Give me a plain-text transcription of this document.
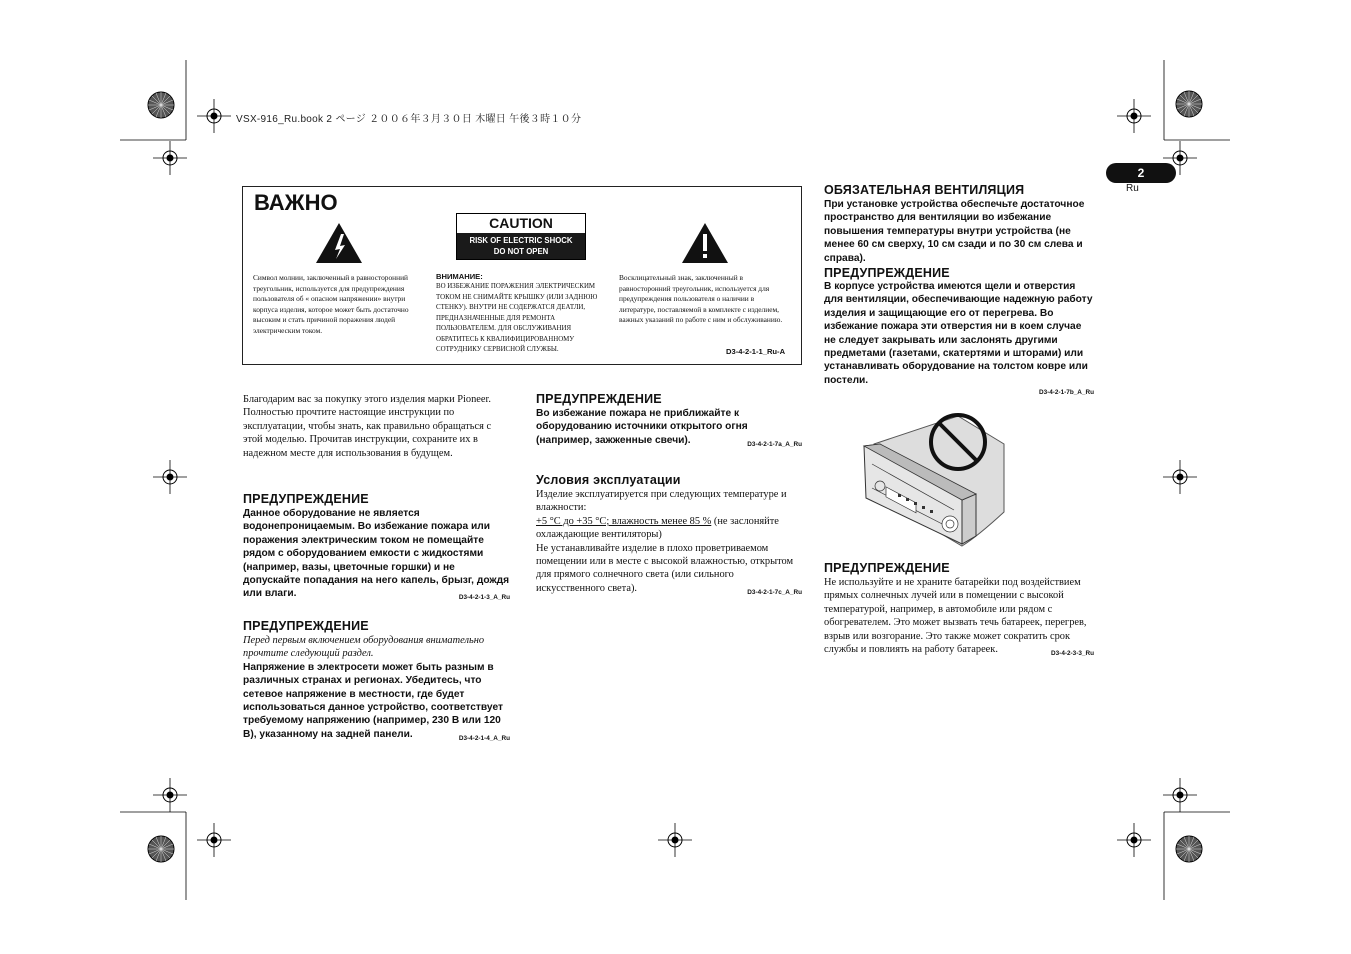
VSX-916_Ru.book 2 ページ ２００６年３月３０日 木曜日 午後３時１０分
2
Ru
ВАЖНО
CAUTION
RISK OF ELECTRIC SHOCK
DO NOT OPEN
Символ молнии, заключенный в равносторонний треугольник, используется для предупреждения пользователя об « опасном напряжении» внутри корпуса изделия, которое может быть достаточно высоким и стать причиной поражения людей электрическим током.
ВНИМАНИЕ:
ВО ИЗБЕЖАНИЕ ПОРАЖЕНИЯ ЭЛЕКТРИЧЕСКИМ ТОКОМ НЕ СНИМАЙТЕ КРЫШКУ (ИЛИ ЗАДНЮЮ СТЕНКУ). ВНУТРИ НЕ СОДЕРЖАТСЯ ДЕАТЛИ, ПРЕДНАЗНАЧЕННЫЕ ДЛЯ РЕМОНТА ПОЛЬЗОВАТЕЛЕМ. ДЛЯ ОБСЛУЖИВАНИЯ ОБРАТИТЕСЬ К КВАЛИФИЦИРОВАННОМУ СОТРУДНИКУ СЕРВИСНОЙ СЛУЖБЫ.
Восклицательный знак, заключенный в равносторонний треугольник, используется для предупреждения пользователя о наличии в литературе, поставляемой в комплекте с изделием, важных указаний по работе с ним и обслуживанию.
D3-4-2-1-1_Ru-A
Благодарим вас за покупку этого изделия марки Pioneer. Полностью прочтите настоящие инструкции по эксплуатации, чтобы знать, как правильно обращаться с этой моделью. Прочитав инструкции, сохраните их в надежном месте для использования в будущем.
ПРЕДУПРЕЖДЕНИЕ
Данное оборудование не является водонепроницаемым. Во избежание пожара или поражения электрическим током не помещайте рядом с оборудованием емкости с жидкостями (например, вазы, цветочные горшки) и не допускайте попадания на него капель, брызг, дождя или влаги.	D3-4-2-1-3_A_Ru
ПРЕДУПРЕЖДЕНИЕ
Перед первым включением оборудования внимательно прочтите следующий раздел.
Напряжение в электросети может быть разным в различных странах и регионах. Убедитесь, что сетевое напряжение в местности, где будет использоваться данное устройство, соответствует требуемому напряжению (например, 230 В или 120 В), указанному на задней панели.	D3-4-2-1-4_A_Ru
ПРЕДУПРЕЖДЕНИЕ
Во избежание пожара не приближайте к оборудованию источники открытого огня (например, зажженные свечи).	D3-4-2-1-7a_A_Ru
Условия эксплуатации
Изделие эксплуатируется при следующих температуре и влажности:
+5 °C до +35 °C; влажность менее 85 % (не заслоняйте охлаждающие вентиляторы)
Не устанавливайте изделие в плохо проветриваемом помещении или в месте с высокой влажностью, открытом для прямого солнечного света (или сильного искусственного света).	D3-4-2-1-7c_A_Ru
ОБЯЗАТЕЛЬНАЯ ВЕНТИЛЯЦИЯ
При установке устройства обеспечьте достаточное пространство для вентиляции во избежание повышения температуры внутри устройства (не менее 60 см сверху, 10 см сзади и по 30 см слева и справа).
ПРЕДУПРЕЖДЕНИЕ
В корпусе устройства имеются щели и отверстия для вентиляции, обеспечивающие надежную работу изделия и защищающие его от перегрева. Во избежание пожара эти отверстия ни в коем случае не следует закрывать или заслонять другими предметами (газетами, скатертями и шторами) или устанавливать оборудование на толстом ковре или постели.
D3-4-2-1-7b_A_Ru
ПРЕДУПРЕЖДЕНИЕ
Не используйте и не храните батарейки под воздействием прямых солнечных лучей или в помещении с высокой температурой, например, в автомобиле или рядом с обогревателем. Это может вызвать течь батареек, перегрев, взрыв или возгорание. Это также может сократить срок службы и повлиять на работу батареек.	D3-4-2-3-3_Ru
